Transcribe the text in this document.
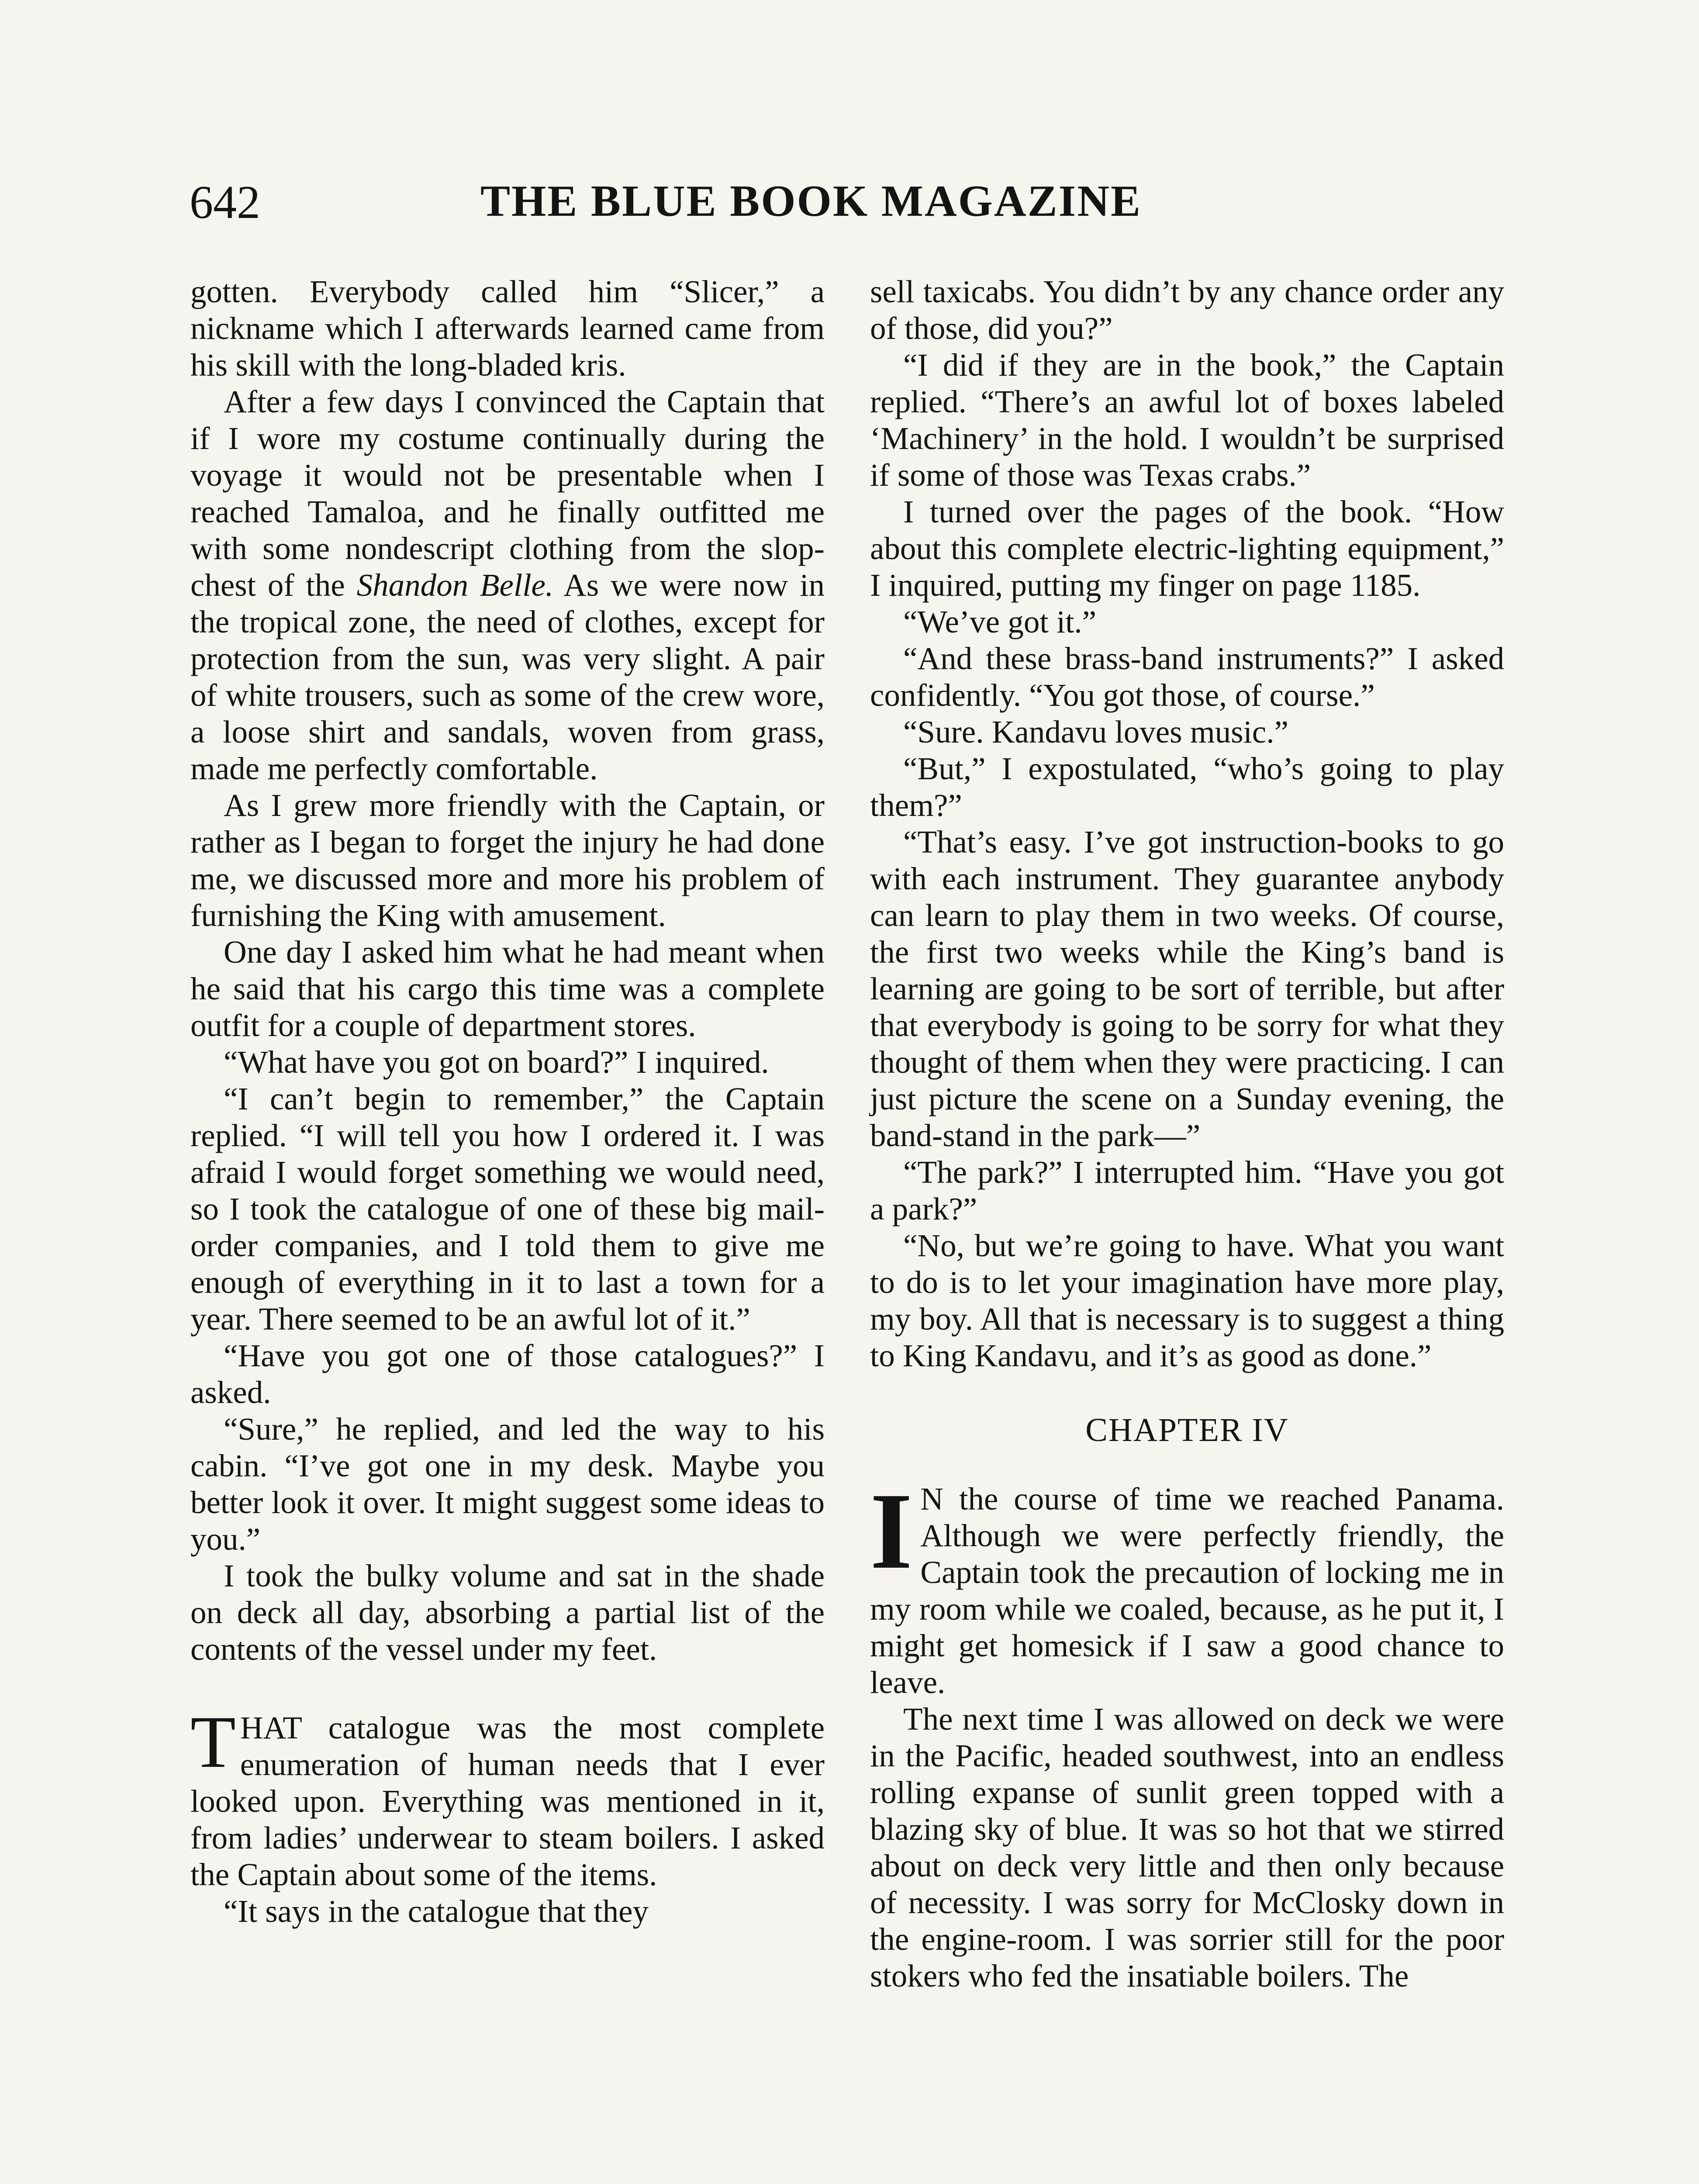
642	THE BLUE BOOK MAGAZINE

gotten. Everybody called him “Slicer,” a nickname which I afterwards learned came from his skill with the long-bladed kris.

After a few days I convinced the Captain that if I wore my costume continually during the voyage it would not be presentable when I reached Tamaloa, and he finally outfitted me with some nondescript clothing from the slop-chest of the Shandon Belle. As we were now in the tropical zone, the need of clothes, except for protection from the sun, was very slight. A pair of white trousers, such as some of the crew wore, a loose shirt and sandals, woven from grass, made me perfectly comfortable.

As I grew more friendly with the Captain, or rather as I began to forget the injury he had done me, we discussed more and more his problem of furnishing the King with amusement.

One day I asked him what he had meant when he said that his cargo this time was a complete outfit for a couple of department stores.

“What have you got on board?” I inquired.

“I can’t begin to remember,” the Captain replied. “I will tell you how I ordered it. I was afraid I would forget something we would need, so I took the catalogue of one of these big mail-order companies, and I told them to give me enough of everything in it to last a town for a year. There seemed to be an awful lot of it.”

“Have you got one of those catalogues?” I asked.

“Sure,” he replied, and led the way to his cabin. “I’ve got one in my desk. Maybe you better look it over. It might suggest some ideas to you.”

I took the bulky volume and sat in the shade on deck all day, absorbing a partial list of the contents of the vessel under my feet.

THAT catalogue was the most complete enumeration of human needs that I ever looked upon. Everything was mentioned in it, from ladies’ underwear to steam boilers. I asked the Captain about some of the items.

“It says in the catalogue that they

sell taxicabs. You didn’t by any chance order any of those, did you?”

“I did if they are in the book,” the Captain replied. “There’s an awful lot of boxes labeled ‘Machinery’ in the hold. I wouldn’t be surprised if some of those was Texas crabs.”

I turned over the pages of the book. “How about this complete electric-lighting equipment,” I inquired, putting my finger on page 1185.

“We’ve got it.”

“And these brass-band instruments?” I asked confidently. “You got those, of course.”

“Sure. Kandavu loves music.”

“But,” I expostulated, “who’s going to play them?”

“That’s easy. I’ve got instruction-books to go with each instrument. They guarantee anybody can learn to play them in two weeks. Of course, the first two weeks while the King’s band is learning are going to be sort of terrible, but after that everybody is going to be sorry for what they thought of them when they were practicing. I can just picture the scene on a Sunday evening, the band-stand in the park—”

“The park?” I interrupted him. “Have you got a park?”

“No, but we’re going to have. What you want to do is to let your imagination have more play, my boy. All that is necessary is to suggest a thing to King Kandavu, and it’s as good as done.”

CHAPTER IV

I N the course of time we reached Panama. Although we were perfectly friendly, the Captain took the precaution of locking me in my room while we coaled, because, as he put it, I might get homesick if I saw a good chance to leave.

The next time I was allowed on deck we were in the Pacific, headed southwest, into an endless rolling expanse of sunlit green topped with a blazing sky of blue. It was so hot that we stirred about on deck very little and then only because of necessity. I was sorry for McClosky down in the engine-room. I was sorrier still for the poor stokers who fed the insatiable boilers. The
